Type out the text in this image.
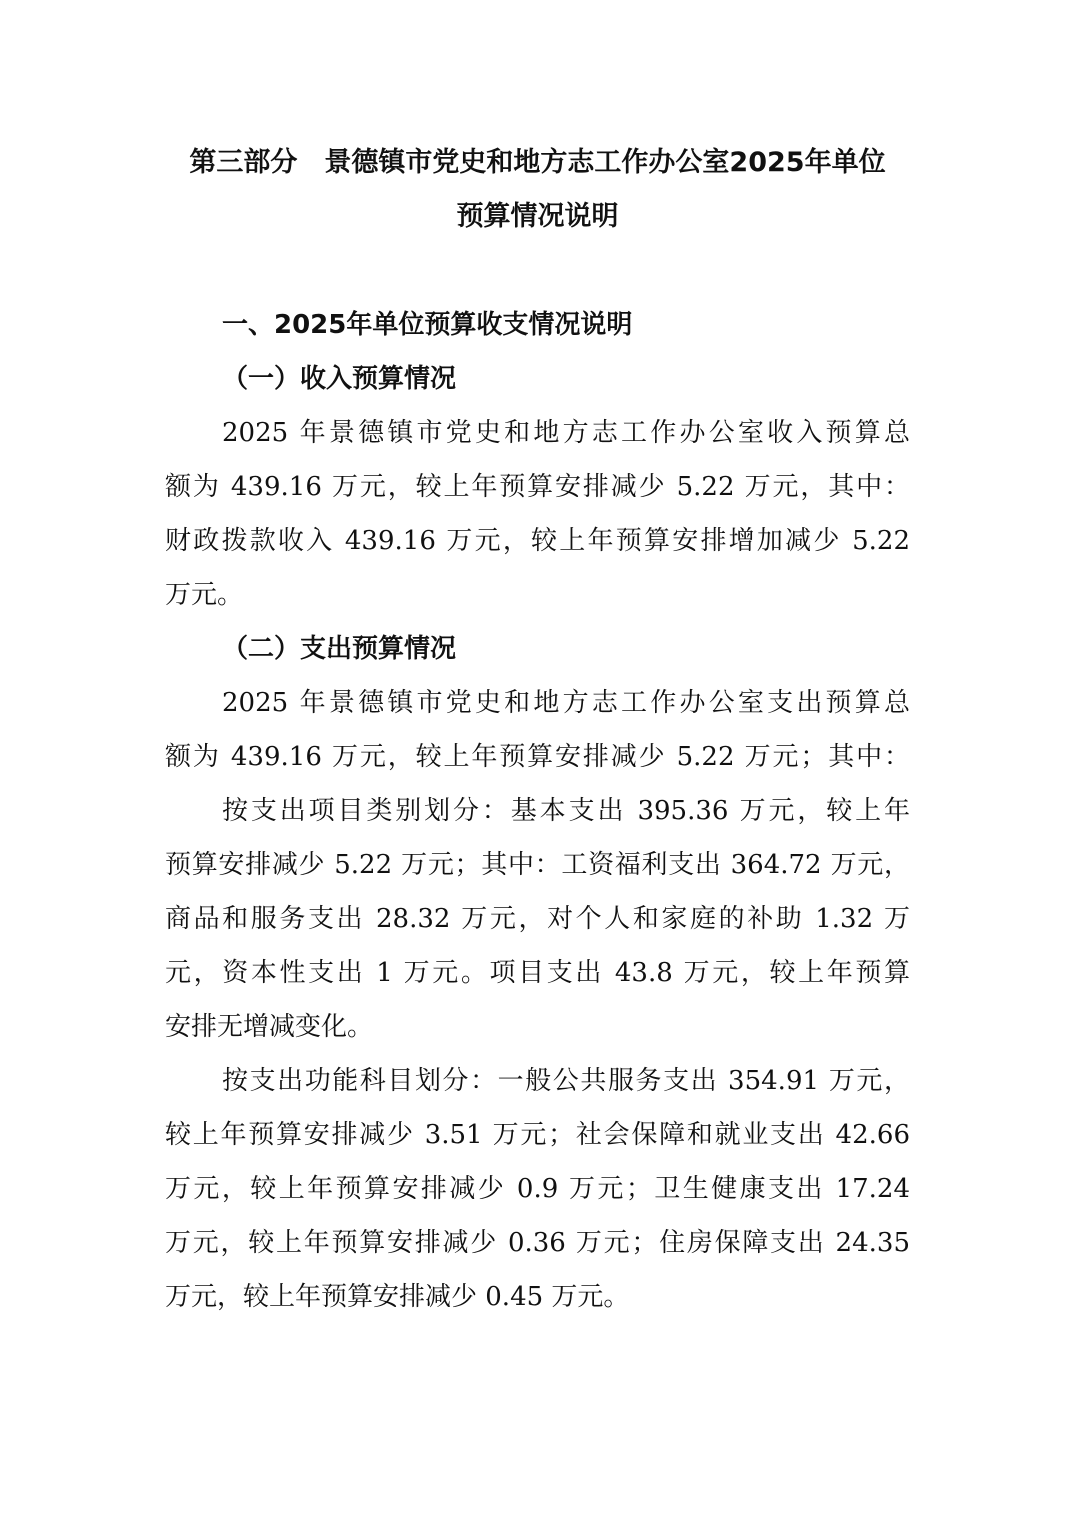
第三部分　景德镇市党史和地方志工作办公室2025年单位
预算情况说明
一、2025年单位预算收支情况说明
（一）收入预算情况
2025 年景德镇市党史和地方志工作办公室收入预算总
额为 439.16 万元，较上年预算安排减少 5.22 万元，其中：
财政拨款收入 439.16 万元，较上年预算安排增加减少 5.22
万元。
（二）支出预算情况
2025 年景德镇市党史和地方志工作办公室支出预算总
额为 439.16 万元，较上年预算安排减少 5.22 万元；其中：
按支出项目类别划分：基本支出 395.36 万元，较上年
预算安排减少 5.22 万元；其中：工资福利支出 364.72 万元，
商品和服务支出 28.32 万元，对个人和家庭的补助 1.32 万
元，资本性支出 1 万元。项目支出 43.8 万元，较上年预算
安排无增减变化。
按支出功能科目划分：一般公共服务支出 354.91 万元，
较上年预算安排减少 3.51 万元；社会保障和就业支出 42.66
万元，较上年预算安排减少 0.9 万元；卫生健康支出 17.24
万元，较上年预算安排减少 0.36 万元；住房保障支出 24.35
万元，较上年预算安排减少 0.45 万元。
